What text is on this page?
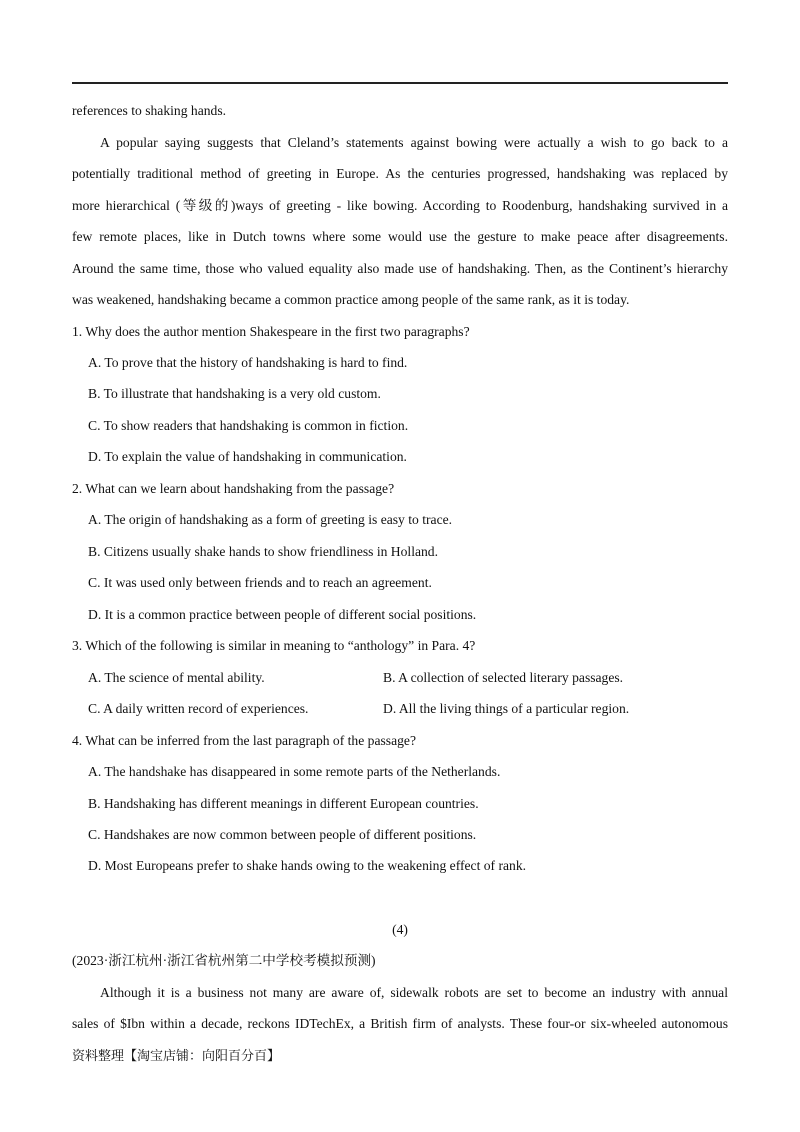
references to shaking hands.
A popular saying suggests that Cleland’s statements against bowing were actually a wish to go back to a
potentially traditional method of greeting in Europe. As the centuries progressed, handshaking was replaced by
more hierarchical (等级的)ways of greeting - like bowing. According to Roodenburg, handshaking survived in a
few remote places, like in Dutch towns where some would use the gesture to make peace after disagreements.
Around the same time, those who valued equality also made use of handshaking. Then, as the Continent’s hierarchy
was weakened, handshaking became a common practice among people of the same rank, as it is today.
1. Why does the author mention Shakespeare in the first two paragraphs?
A. To prove that the history of handshaking is hard to find.
B. To illustrate that handshaking is a very old custom.
C. To show readers that handshaking is common in fiction.
D. To explain the value of handshaking in communication.
2. What can we learn about handshaking from the passage?
A. The origin of handshaking as a form of greeting is easy to trace.
B. Citizens usually shake hands to show friendliness in Holland.
C. It was used only between friends and to reach an agreement.
D. It is a common practice between people of different social positions.
3. Which of the following is similar in meaning to “anthology” in Para. 4?
A. The science of mental ability.	B. A collection of selected literary passages.
C. A daily written record of experiences.	D. All the living things of a particular region.
4. What can be inferred from the last paragraph of the passage?
A. The handshake has disappeared in some remote parts of the Netherlands.
B. Handshaking has different meanings in different European countries.
C. Handshakes are now common between people of different positions.
D. Most Europeans prefer to shake hands owing to the weakening effect of rank.
(4)
(2023·浙江杭州·浙江省杭州第二中学校考模拟预测)
Although it is a business not many are aware of, sidewalk robots are set to become an industry with annual
sales of $Ibn within a decade, reckons IDTechEx, a British firm of analysts. These four-or six-wheeled autonomous
资料整理【淘宝店铺：向阳百分百】
